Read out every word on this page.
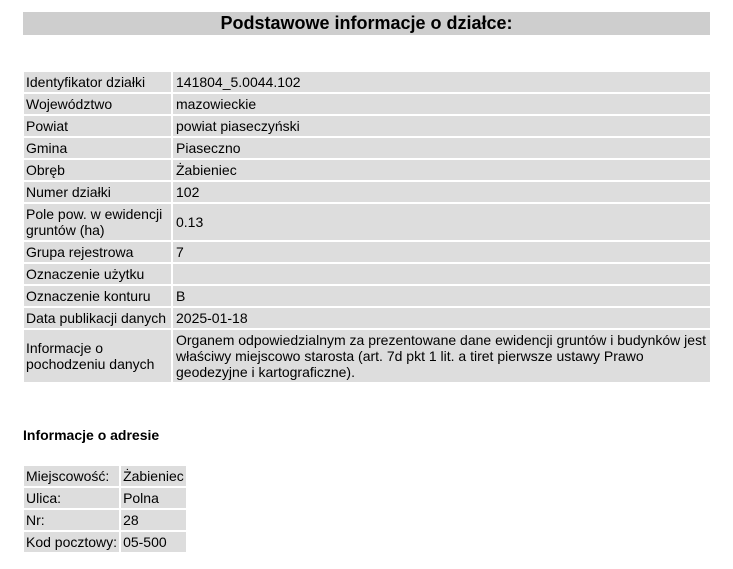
Podstawowe informacje o działce:
Identyfikator działki	141804_5.0044.102
Województwo	mazowieckie
Powiat	powiat piaseczyński
Gmina	Piaseczno
Obręb	Żabieniec
Numer działki	102
Pole pow. w ewidencji gruntów (ha)	0.13
Grupa rejestrowa	7
Oznaczenie użytku	
Oznaczenie konturu	B
Data publikacji danych	2025-01-18
Informacje o pochodzeniu danych	Organem odpowiedzialnym za prezentowane dane ewidencji gruntów i budynków jest właściwy miejscowo starosta (art. 7d pkt 1 lit. a tiret pierwsze ustawy Prawo geodezyjne i kartograficzne).
Informacje o adresie
Miejscowość:	Żabieniec
Ulica:	Polna
Nr:	28
Kod pocztowy:	05-500
